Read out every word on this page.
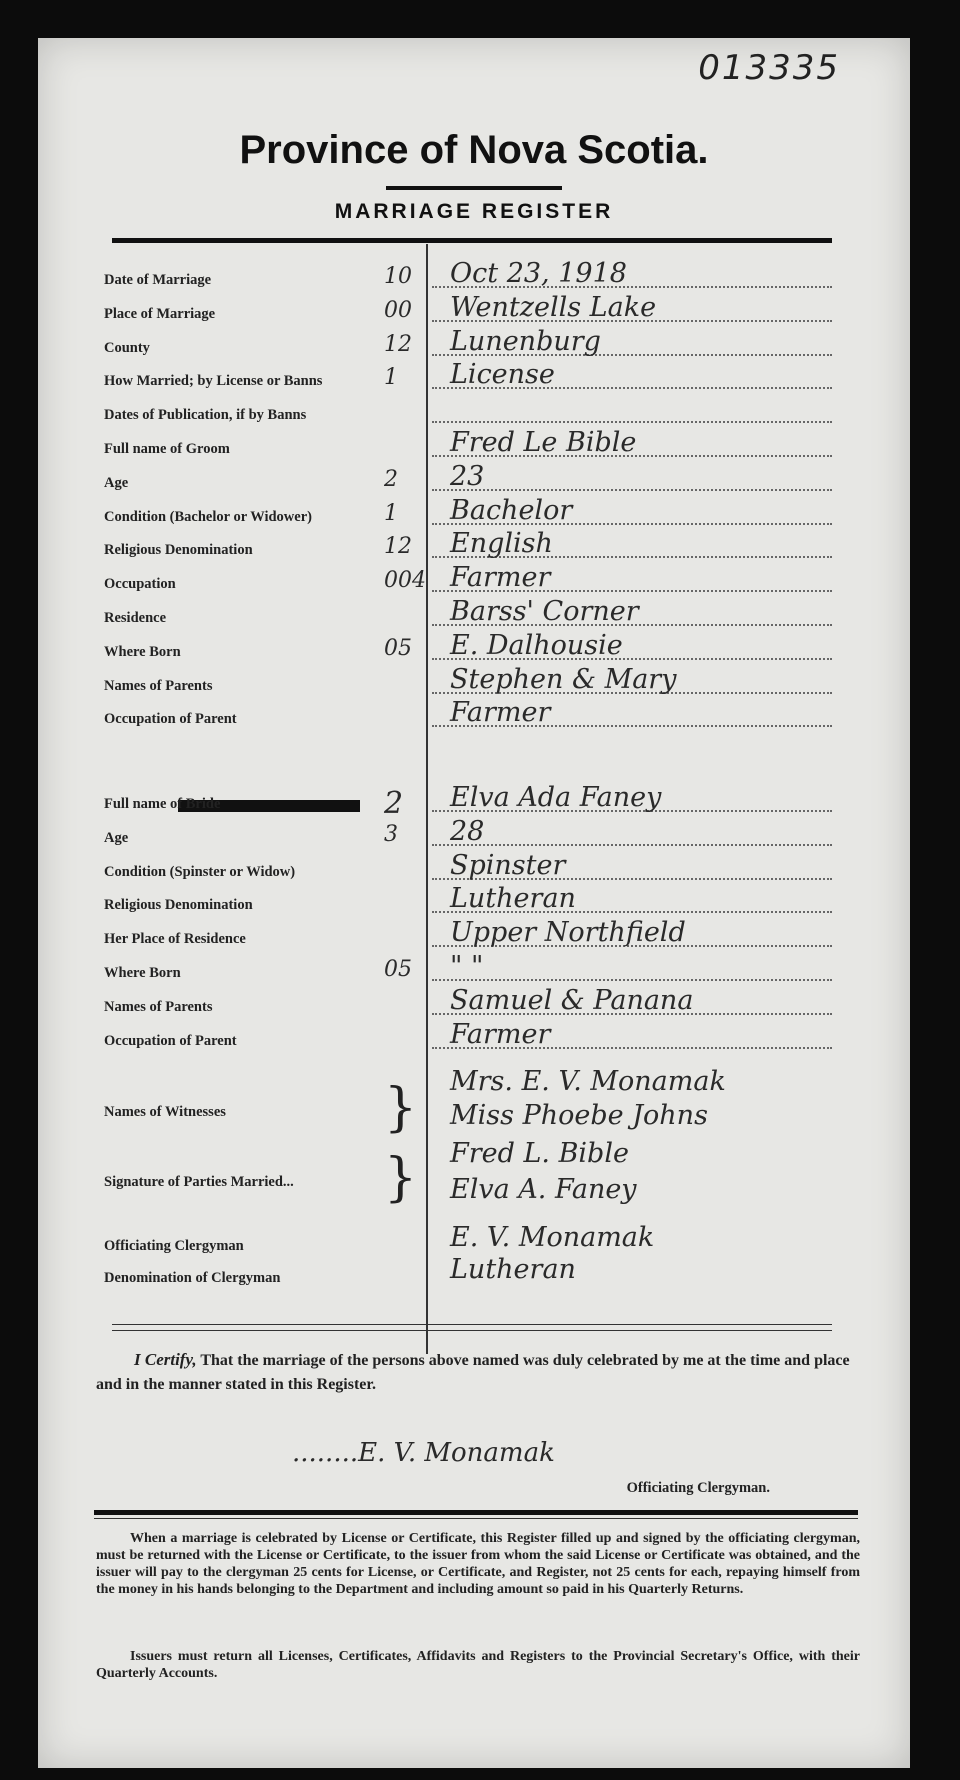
013335
Province of Nova Scotia.
MARRIAGE REGISTER
Date of Marriage	10 Oct 23, 1918
Place of Marriage	00 Wentzells Lake
County	12 Lunenburg
How Married; by License or Banns	1 License
Dates of Publication, if by Banns
Full name of Groom	Fred Le Bible
Age	2 23
Condition (Bachelor or Widower)	1 Bachelor
Religious Denomination	12 English
Occupation	004 Farmer
Residence	Barss' Corner
Where Born	05 E. Dalhousie
Names of Parents	Stephen & Mary
Occupation of Parent	Farmer
2
Full name of Bride	Elva Ada Faney
Age	3 28
Condition (Spinster or Widow)	Spinster
Religious Denomination	Lutheran
Her Place of Residence	Upper Northfield
Where Born	05 " "
Names of Parents	Samuel & Panana
Occupation of Parent	Farmer
Names of Witnesses	} Mrs. E. V. Monamak
Miss Phoebe Johns
Signature of Parties Married... } Fred L. Bible
Elva A. Faney
Officiating Clergyman	E. V. Monamak
Denomination of Clergyman	Lutheran
I Certify, That the marriage of the persons above named was duly celebrated by me at the time and place and in the manner stated in this Register.
........E. V. Monamak
Officiating Clergyman.
When a marriage is celebrated by License or Certificate, this Register filled up and signed by the officiating clergyman, must be returned with the License or Certificate, to the issuer from whom the said License or Certificate was obtained, and the issuer will pay to the clergyman 25 cents for License, or Certificate, and Register, not 25 cents for each, repaying himself from the money in his hands belonging to the Department and including amount so paid in his Quarterly Returns.
Issuers must return all Licenses, Certificates, Affidavits and Registers to the Provincial Secretary's Office, with their Quarterly Accounts.
